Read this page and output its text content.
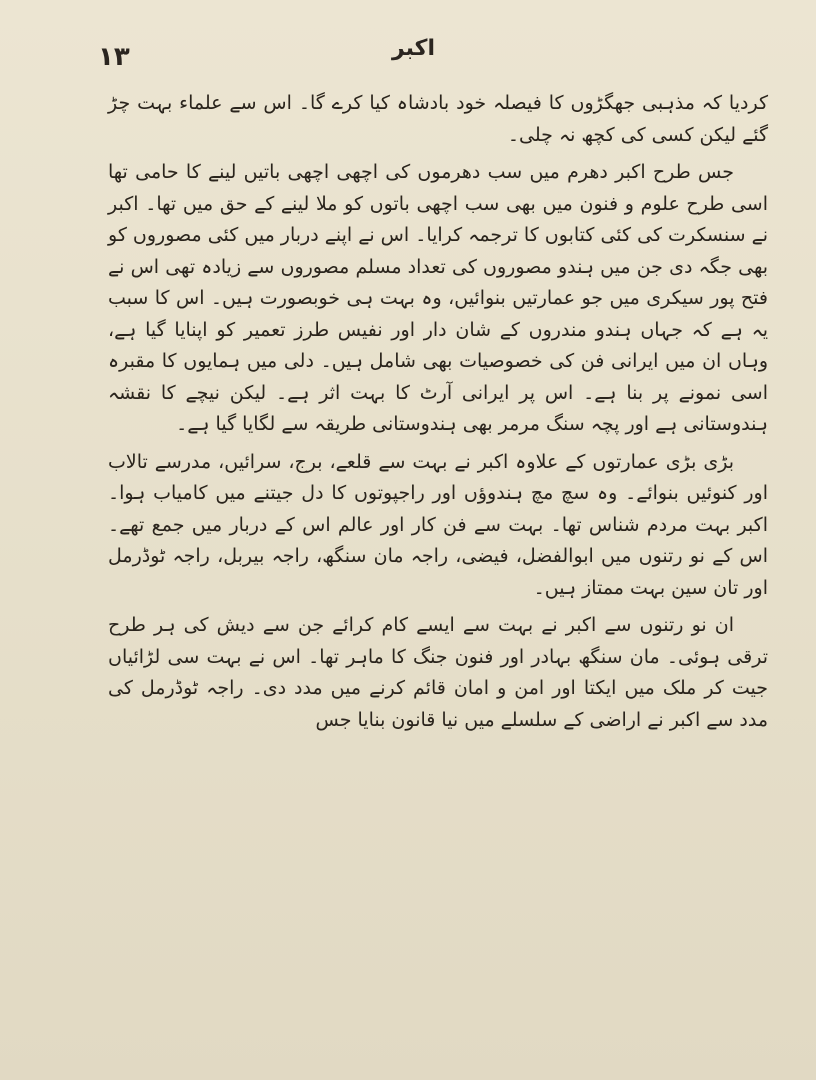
١٣	اکبر

کردیا کہ مذہبی جھگڑوں کا فیصلہ خود بادشاہ کیا کرے گا۔ اس سے علماء بہت چڑ گئے لیکن کسی کی کچھ نہ چلی۔

جس طرح اکبر دھرم میں سب دھرموں کی اچھی اچھی باتیں لینے کا حامی تھا اسی طرح علوم و فنون میں بھی سب اچھی باتوں کو ملا لینے کے حق میں تھا۔ اکبر نے سنسکرت کی کئی کتابوں کا ترجمہ کرایا۔ اس نے اپنے دربار میں کئی مصوروں کو بھی جگہ دی جن میں ہندو مصوروں کی تعداد مسلم مصوروں سے زیادہ تھی اس نے فتح پور سیکری میں جو عمارتیں بنوائیں، وہ بہت ہی خوبصورت ہیں۔ اس کا سبب یہ ہے کہ جہاں ہندو مندروں کے شان دار اور نفیس طرز تعمیر کو اپنایا گیا ہے، وہاں ان میں ایرانی فن کی خصوصیات بھی شامل ہیں۔ دلی میں ہمایوں کا مقبرہ اسی نمونے پر بنا ہے۔ اس پر ایرانی آرٹ کا بہت اثر ہے۔ لیکن نیچے کا نقشہ ہندوستانی ہے اور پچہ سنگ مرمر بھی ہندوستانی طریقہ سے لگایا گیا ہے۔

بڑی بڑی عمارتوں کے علاوہ اکبر نے بہت سے قلعے، برج، سرائیں، مدرسے تالاب اور کنوئیں بنوائے۔ وہ سچ مچ ہندوؤں اور راجپوتوں کا دل جیتنے میں کامیاب ہوا۔ اکبر بہت مردم شناس تھا۔ بہت سے فن کار اور عالم اس کے دربار میں جمع تھے۔ اس کے نو رتنوں میں ابوالفضل، فیضی، راجہ مان سنگھ، راجہ بیربل، راجہ ٹوڈرمل اور تان سین بہت ممتاز ہیں۔

ان نو رتنوں سے اکبر نے بہت سے ایسے کام کرائے جن سے دیش کی ہر طرح ترقی ہوئی۔ مان سنگھ بہادر اور فنون جنگ کا ماہر تھا۔ اس نے بہت سی لڑائیاں جیت کر ملک میں ایکتا اور امن و امان قائم کرنے میں مدد دی۔ راجہ ٹوڈرمل کی مدد سے اکبر نے اراضی کے سلسلے میں نیا قانون بنایا جس
